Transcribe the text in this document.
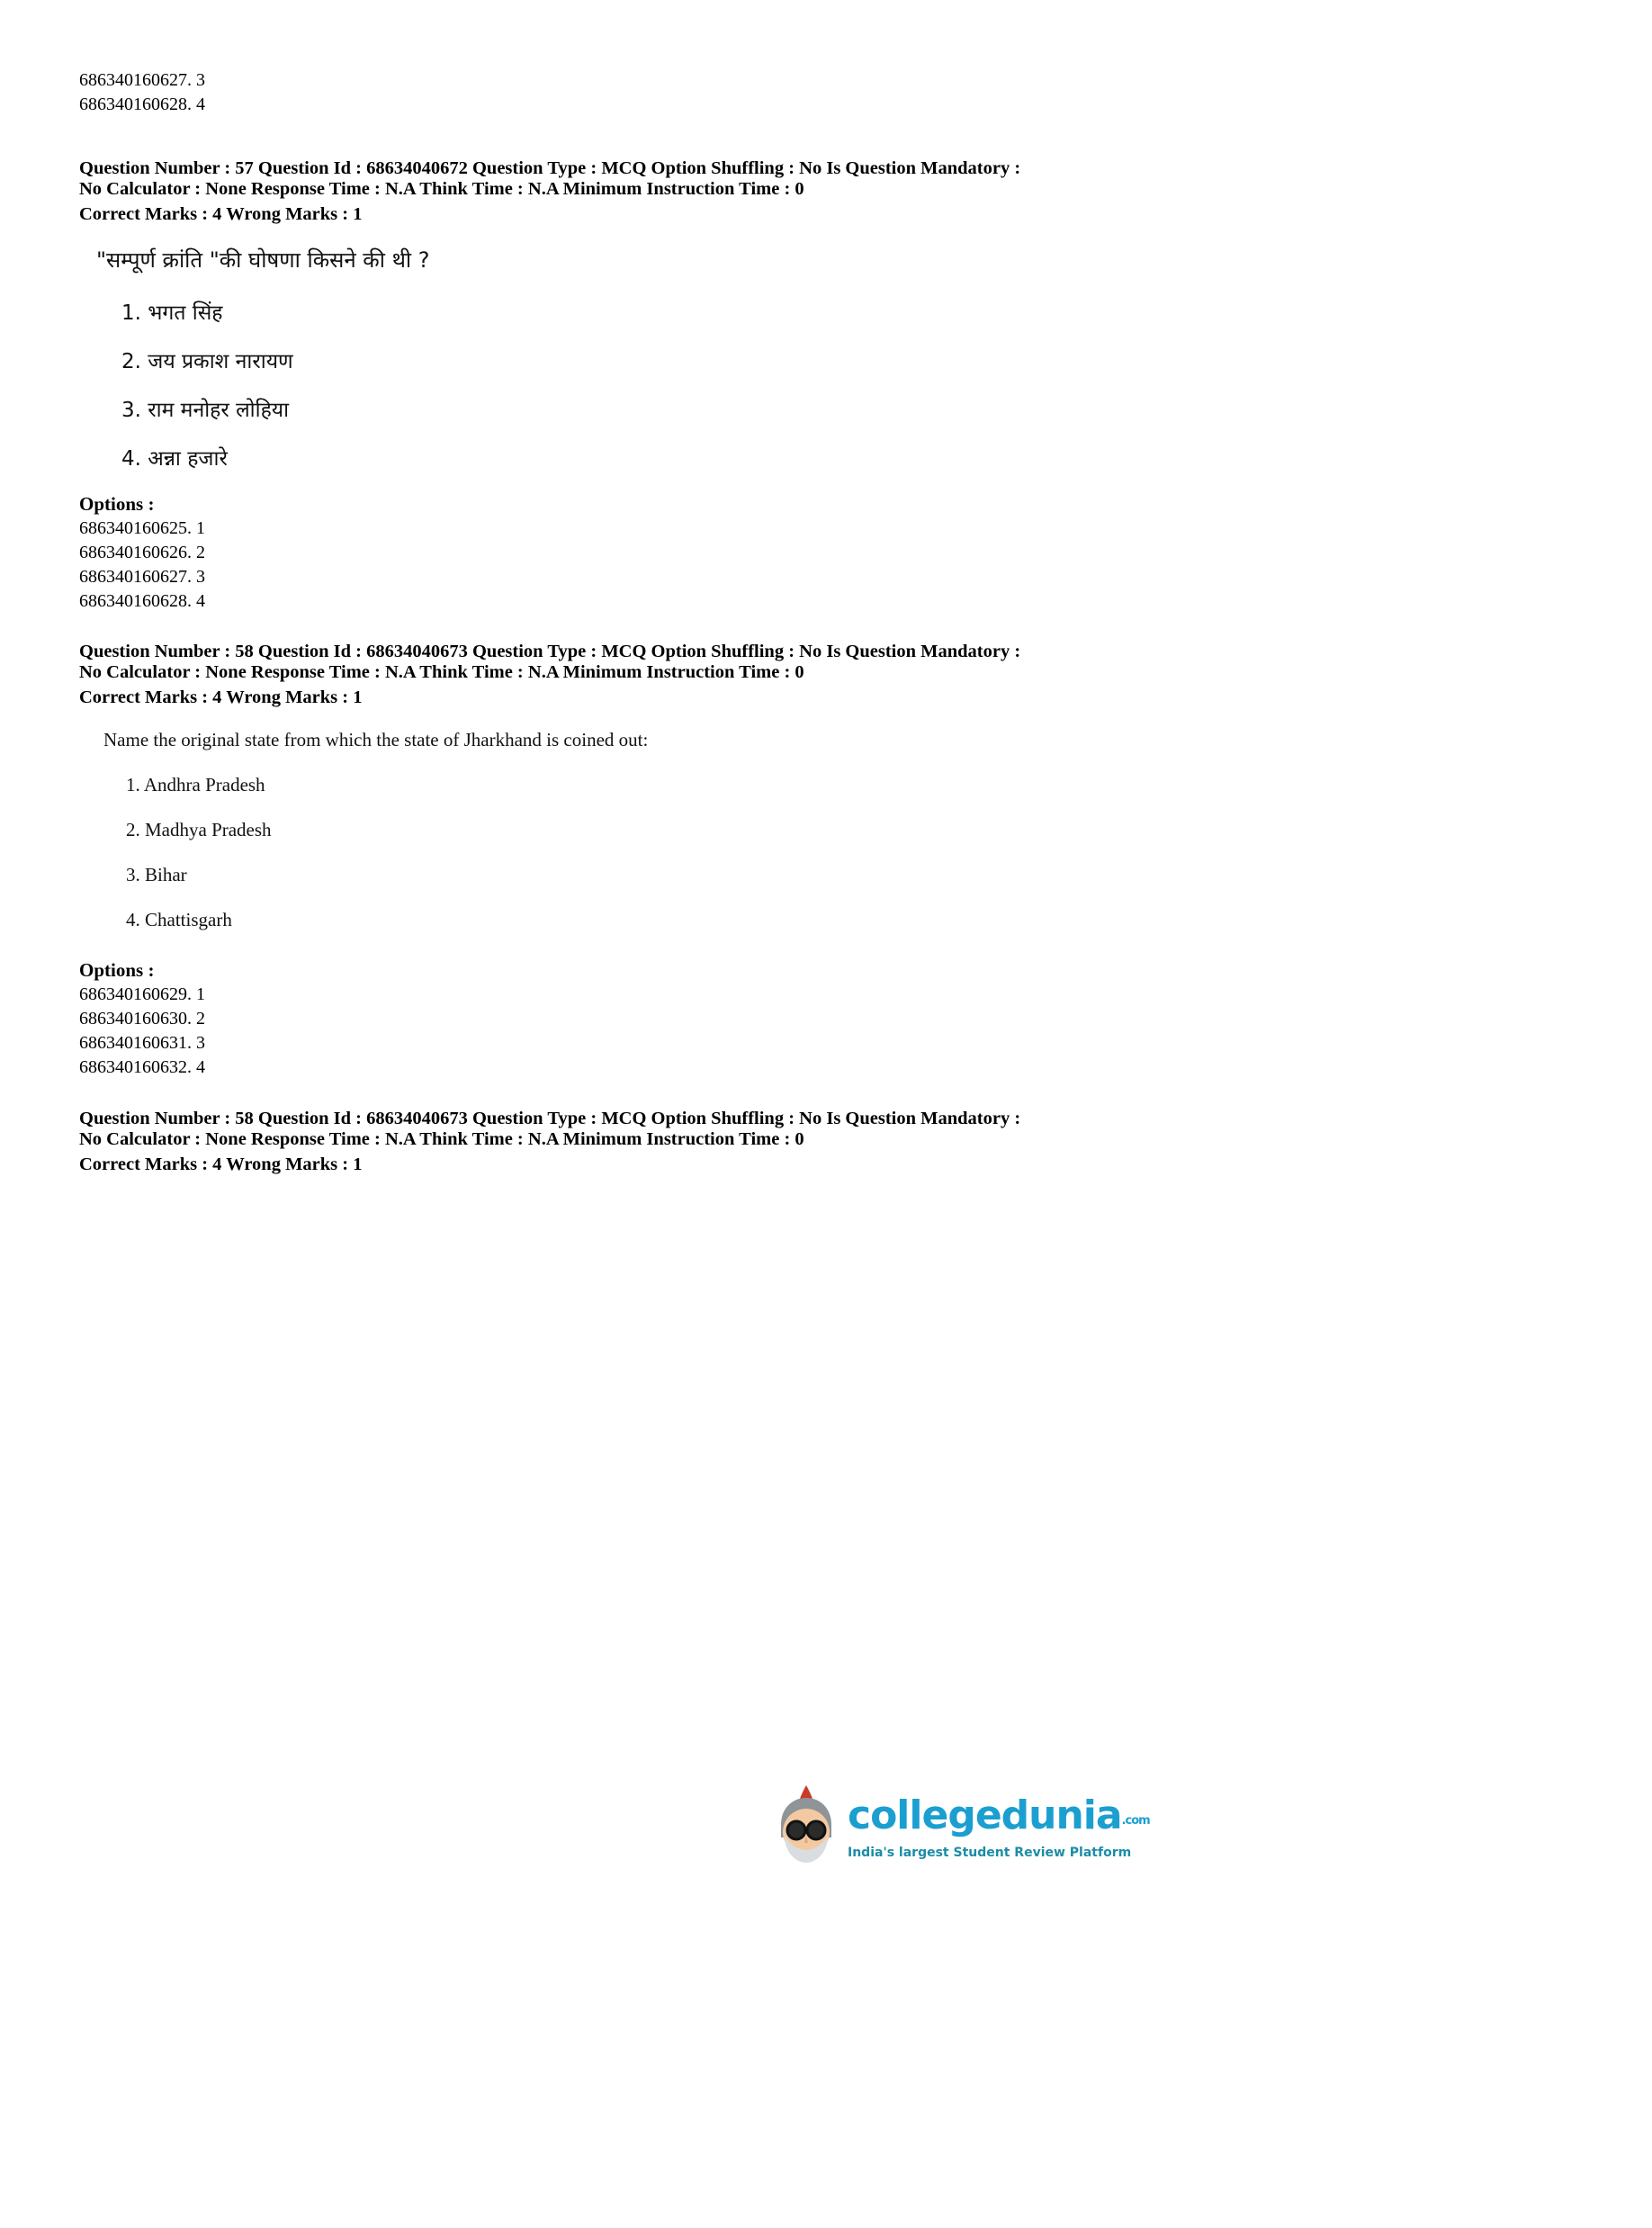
686340160627. 3
686340160628. 4
Question Number : 57 Question Id : 68634040672 Question Type : MCQ Option Shuffling : No Is Question Mandatory :
No Calculator : None Response Time : N.A Think Time : N.A Minimum Instruction Time : 0
Correct Marks : 4 Wrong Marks : 1
"सम्पूर्ण क्रांति "की घोषणा किसने की थी ?
1. भगत सिंह
2. जय प्रकाश नारायण
3. राम मनोहर लोहिया
4. अन्ना हजारे
Options :
686340160625. 1
686340160626. 2
686340160627. 3
686340160628. 4
Question Number : 58 Question Id : 68634040673 Question Type : MCQ Option Shuffling : No Is Question Mandatory :
No Calculator : None Response Time : N.A Think Time : N.A Minimum Instruction Time : 0
Correct Marks : 4 Wrong Marks : 1
Name the original state from which the state of Jharkhand is coined out:
1. Andhra Pradesh
2. Madhya Pradesh
3. Bihar
4. Chattisgarh
Options :
686340160629. 1
686340160630. 2
686340160631. 3
686340160632. 4
Question Number : 58 Question Id : 68634040673 Question Type : MCQ Option Shuffling : No Is Question Mandatory :
No Calculator : None Response Time : N.A Think Time : N.A Minimum Instruction Time : 0
Correct Marks : 4 Wrong Marks : 1
collegedunia .com
India's largest Student Review Platform
